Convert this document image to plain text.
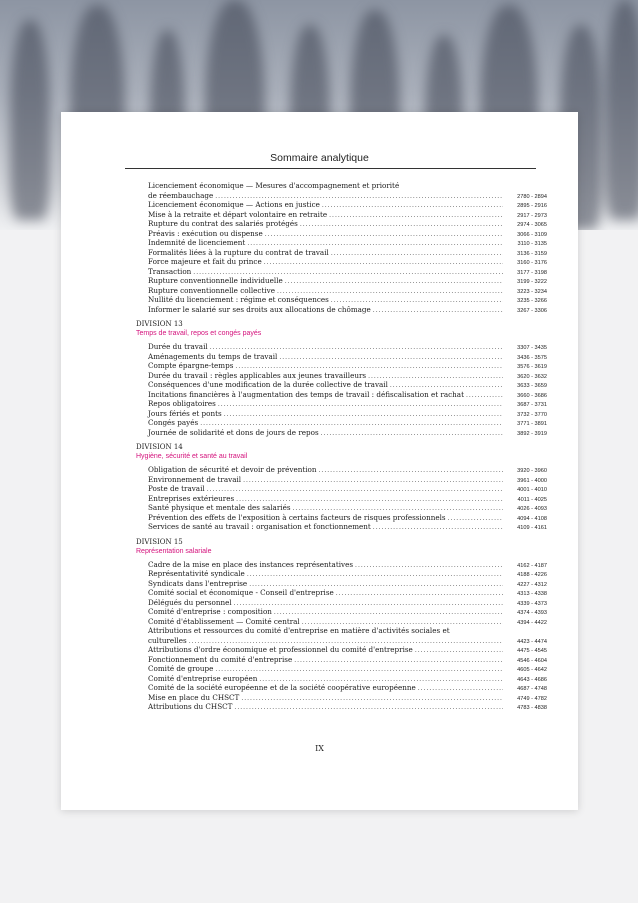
Sommaire analytique
Licenciement économique — Mesures d'accompagnement et priorité
de réembauchage .....	2780 - 2894
Licenciement économique — Actions en justice .....	2895 - 2916
Mise à la retraite et départ volontaire en retraite .....	2917 - 2973
Rupture du contrat des salariés protégés .....	2974 - 3065
Préavis : exécution ou dispense .....	3066 - 3109
Indemnité de licenciement .....	3110 - 3135
Formalités liées à la rupture du contrat de travail .....	3136 - 3159
Force majeure et fait du prince .....	3160 - 3176
Transaction .....	3177 - 3198
Rupture conventionnelle individuelle .....	3199 - 3222
Rupture conventionnelle collective .....	3223 - 3234
Nullité du licenciement : régime et conséquences .....	3235 - 3266
Informer le salarié sur ses droits aux allocations de chômage .....	3267 - 3306
DIVISION 13
Temps de travail, repos et congés payés
Durée du travail .....	3307 - 3435
Aménagements du temps de travail .....	3436 - 3575
Compte épargne-temps .....	3576 - 3619
Durée du travail : règles applicables aux jeunes travailleurs .....	3620 - 3632
Conséquences d'une modification de la durée collective de travail .....	3633 - 3659
Incitations financières à l'augmentation des temps de travail : défiscalisation et rachat .....	3660 - 3686
Repos obligatoires .....	3687 - 3731
Jours fériés et ponts .....	3732 - 3770
Congés payés .....	3771 - 3891
Journée de solidarité et dons de jours de repos .....	3892 - 3919
DIVISION 14
Hygiène, sécurité et santé au travail
Obligation de sécurité et devoir de prévention .....	3920 - 3960
Environnement de travail .....	3961 - 4000
Poste de travail .....	4001 - 4010
Entreprises extérieures .....	4011 - 4025
Santé physique et mentale des salariés .....	4026 - 4093
Prévention des effets de l'exposition à certains facteurs de risques professionnels .....	4094 - 4108
Services de santé au travail : organisation et fonctionnement .....	4109 - 4161
DIVISION 15
Représentation salariale
Cadre de la mise en place des instances représentatives .....	4162 - 4187
Représentativité syndicale .....	4188 - 4226
Syndicats dans l'entreprise .....	4227 - 4312
Comité social et économique - Conseil d'entreprise .....	4313 - 4338
Délégués du personnel .....	4339 - 4373
Comité d'entreprise : composition .....	4374 - 4393
Comité d'établissement — Comité central .....	4394 - 4422
Attributions et ressources du comité d'entreprise en matière d'activités sociales et
culturelles .....	4423 - 4474
Attributions d'ordre économique et professionnel du comité d'entreprise .....	4475 - 4545
Fonctionnement du comité d'entreprise .....	4546 - 4604
Comité de groupe .....	4605 - 4642
Comité d'entreprise européen .....	4643 - 4686
Comité de la société européenne et de la société coopérative européenne .....	4687 - 4748
Mise en place du CHSCT .....	4749 - 4782
Attributions du CHSCT .....	4783 - 4838
IX
